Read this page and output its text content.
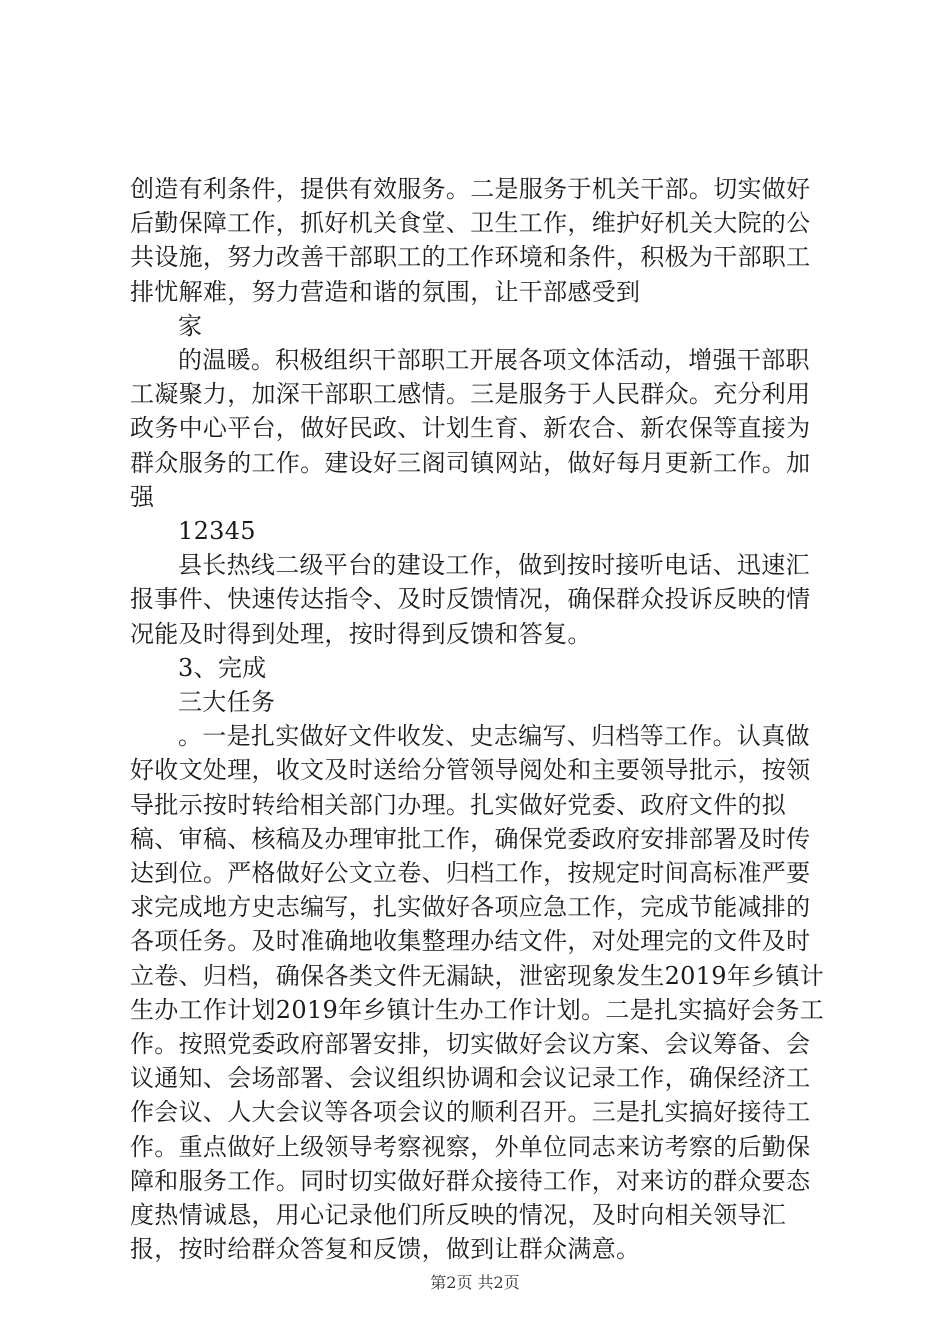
创造有利条件，提供有效服务。二是服务于机关干部。切实做好后勤保障工作，抓好机关食堂、卫生工作，维护好机关大院的公共设施，努力改善干部职工的工作环境和条件，积极为干部职工排忧解难，努力营造和谐的氛围，让干部感受到

家

的温暖。积极组织干部职工开展各项文体活动，增强干部职工凝聚力，加深干部职工感情。三是服务于人民群众。充分利用政务中心平台，做好民政、计划生育、新农合、新农保等直接为群众服务的工作。建设好三阁司镇网站，做好每月更新工作。加强

12345

县长热线二级平台的建设工作，做到按时接听电话、迅速汇报事件、快速传达指令、及时反馈情况，确保群众投诉反映的情况能及时得到处理，按时得到反馈和答复。

3、完成

三大任务

。一是扎实做好文件收发、史志编写、归档等工作。认真做好收文处理，收文及时送给分管领导阅处和主要领导批示，按领导批示按时转给相关部门办理。扎实做好党委、政府文件的拟稿、审稿、核稿及办理审批工作，确保党委政府安排部署及时传达到位。严格做好公文立卷、归档工作，按规定时间高标准严要求完成地方史志编写，扎实做好各项应急工作，完成节能减排的各项任务。及时准确地收集整理办结文件，对处理完的文件及时立卷、归档，确保各类文件无漏缺，泄密现象发生2019年乡镇计生办工作计划2019年乡镇计生办工作计划。二是扎实搞好会务工作。按照党委政府部署安排，切实做好会议方案、会议筹备、会议通知、会场部署、会议组织协调和会议记录工作，确保经济工作会议、人大会议等各项会议的顺利召开。三是扎实搞好接待工作。重点做好上级领导考察视察，外单位同志来访考察的后勤保障和服务工作。同时切实做好群众接待工作，对来访的群众要态度热情诚恳，用心记录他们所反映的情况，及时向相关领导汇报，按时给群众答复和反馈，做到让群众满意。

第2页 共2页
